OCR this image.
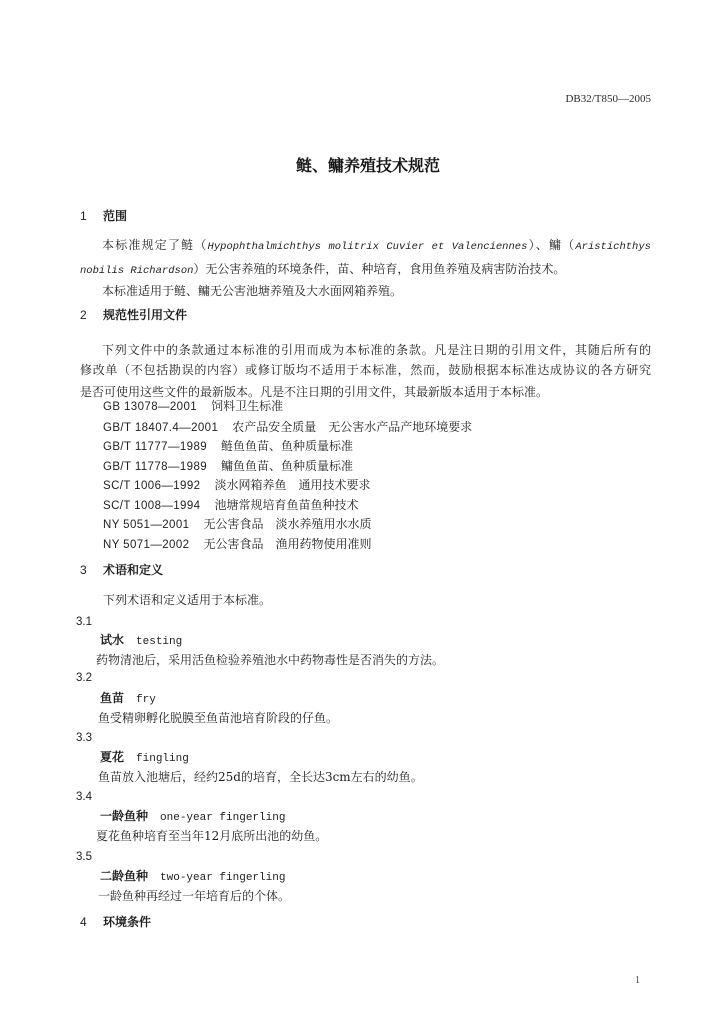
DB32/T850—2005
鲢、鳙养殖技术规范
1 范围
本标准规定了鲢（Hypophthalmichthys molitrix Cuvier et Valenciennes）、鳙（Aristichthys
nobilis Richardson）无公害养殖的环境条件，苗、种培育，食用鱼养殖及病害防治技术。
本标准适用于鲢、鳙无公害池塘养殖及大水面网箱养殖。
2 规范性引用文件
下列文件中的条款通过本标准的引用而成为本标准的条款。凡是注日期的引用文件，其随后所有的
修改单（不包括勘误的内容）或修订版均不适用于本标准，然而，鼓励根据本标准达成协议的各方研究
是否可使用这些文件的最新版本。凡是不注日期的引用文件，其最新版本适用于本标准。
GB 13078—2001 饲料卫生标准
GB/T 18407.4—2001 农产品安全质量　无公害水产品产地环境要求
GB/T 11777—1989 鲢鱼鱼苗、鱼种质量标准
GB/T 11778—1989 鳙鱼鱼苗、鱼种质量标准
SC/T 1006—1992 淡水网箱养鱼　通用技术要求
SC/T 1008—1994 池塘常规培育鱼苗鱼种技术
NY 5051—2001 无公害食品　淡水养殖用水水质
NY 5071—2002 无公害食品　渔用药物使用准则
3 术语和定义
下列术语和定义适用于本标准。
3.1
试水 testing
药物清池后，采用活鱼检验养殖池水中药物毒性是否消失的方法。
3.2
鱼苗 fry
鱼受精卵孵化脱膜至鱼苗池培育阶段的仔鱼。
3.3
夏花 fingling
鱼苗放入池塘后，经约25d的培育，全长达3cm左右的幼鱼。
3.4
一龄鱼种 one-year fingerling
夏花鱼种培育至当年12月底所出池的幼鱼。
3.5
二龄鱼种 two-year fingerling
一龄鱼种再经过一年培育后的个体。
4 环境条件
1
